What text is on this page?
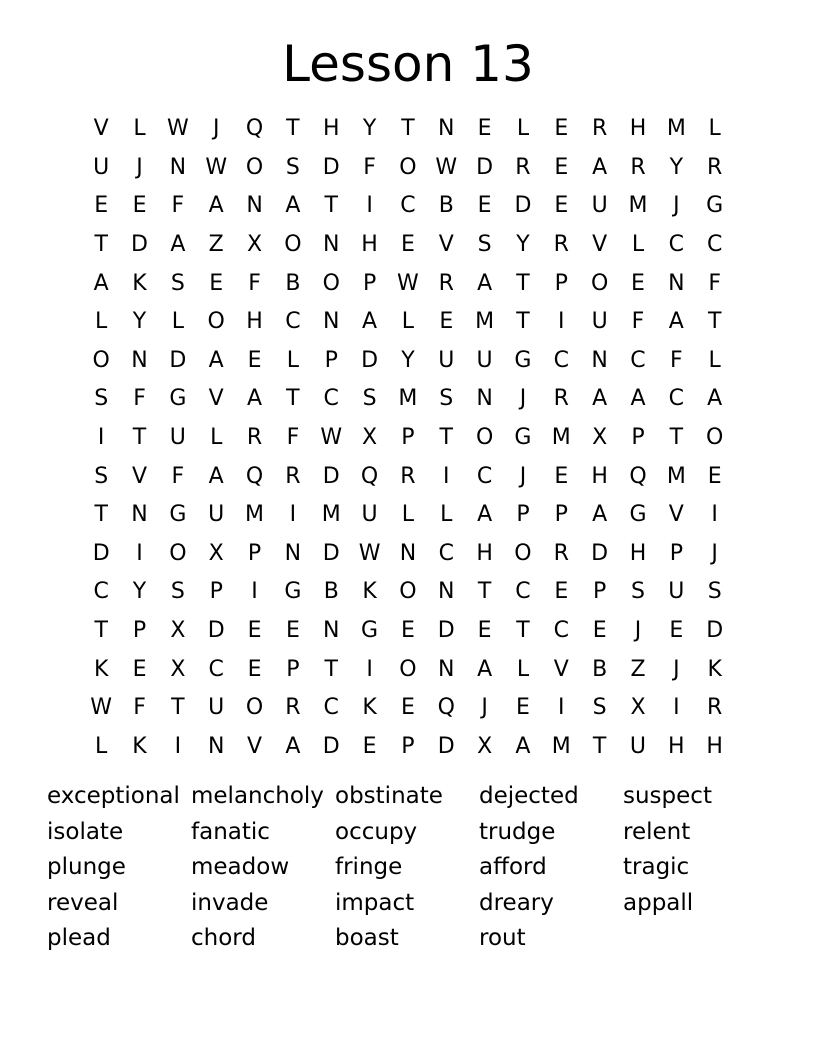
Lesson 13
V	L W	J	Q	T	H	Y	T	N	E	L	E	R	H M	L
U	J	N W O	S	D	F	O W D	R	E	A	R	Y	R
E	E	F	A	N	A	T	I	C	B	E	D	E	U M	J	G
T	D	A	Z	X	O N H	E	V	S	Y	R	V	L	C	C
A	K	S	E	F	B	O	P W R	A	T	P	O	E	N	F
L	Y	L	O H	C	N	A	L	E M	T	I	U	F	A	T
O N D	A	E	L	P	D	Y	U	U G	C	N	C	F	L
S	F	G	V	A	T	C	S M S	N	J	R	A	A	C	A
I	T	U	L	R	F W X	P	T	O G M X	P	T	O
S	V	F	A	Q	R	D Q	R	I	C	J	E	H Q M E
T	N G U M	I	M U	L	L	A	P	P	A	G	V	I
D	I	O	X	P	N D W N	C	H O	R	D H	P	J
C	Y	S	P	I	G	B	K	O N	T	C	E	P	S	U	S
T	P	X	D	E	E	N G	E	D	E	T	C	E	J	E	D
K	E	X	C	E	P	T	I	O N	A	L	V	B	Z	J	K
W F	T	U O	R	C	K	E	Q	J	E	I	S	X	I	R
L	K	I	N	V	A	D	E	P	D	X	A M	T	U	H H
exceptional melancholy obstinate	dejected	suspect
isolate	fanatic	occupy	trudge	relent
plunge	meadow	fringe	afford	tragic
reveal	invade	impact	dreary	appall
plead	chord	boast	rout
